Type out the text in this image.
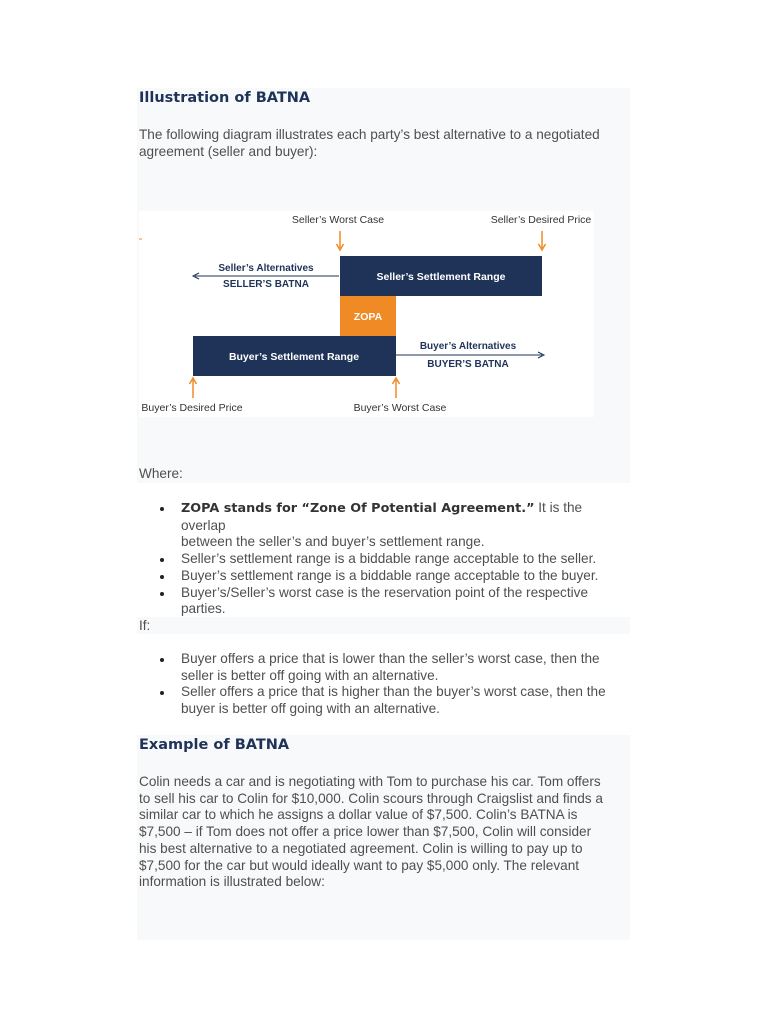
Illustration of BATNA

The following diagram illustrates each party’s best alternative to a negotiated
agreement (seller and buyer):

Seller’s Worst Case	Seller’s Desired Price
Seller’s Alternatives
SELLER’S BATNA
Seller’s Settlement Range
ZOPA
Buyer’s Settlement Range
Buyer’s Alternatives
BUYER’S BATNA
Buyer’s Desired Price	Buyer’s Worst Case

Where:

ZOPA stands for “Zone Of Potential Agreement.” It is the overlap
between the seller’s and buyer’s settlement range.
Seller’s settlement range is a biddable range acceptable to the seller.
Buyer’s settlement range is a biddable range acceptable to the buyer.
Buyer’s/Seller’s worst case is the reservation point of the respective
parties.

If:

Buyer offers a price that is lower than the seller’s worst case, then the
seller is better off going with an alternative.
Seller offers a price that is higher than the buyer’s worst case, then the
buyer is better off going with an alternative.
Example of BATNA

Colin needs a car and is negotiating with Tom to purchase his car. Tom offers
to sell his car to Colin for $10,000. Colin scours through Craigslist and finds a
similar car to which he assigns a dollar value of $7,500. Colin’s BATNA is
$7,500 – if Tom does not offer a price lower than $7,500, Colin will consider
his best alternative to a negotiated agreement. Colin is willing to pay up to
$7,500 for the car but would ideally want to pay $5,000 only. The relevant
information is illustrated below:
